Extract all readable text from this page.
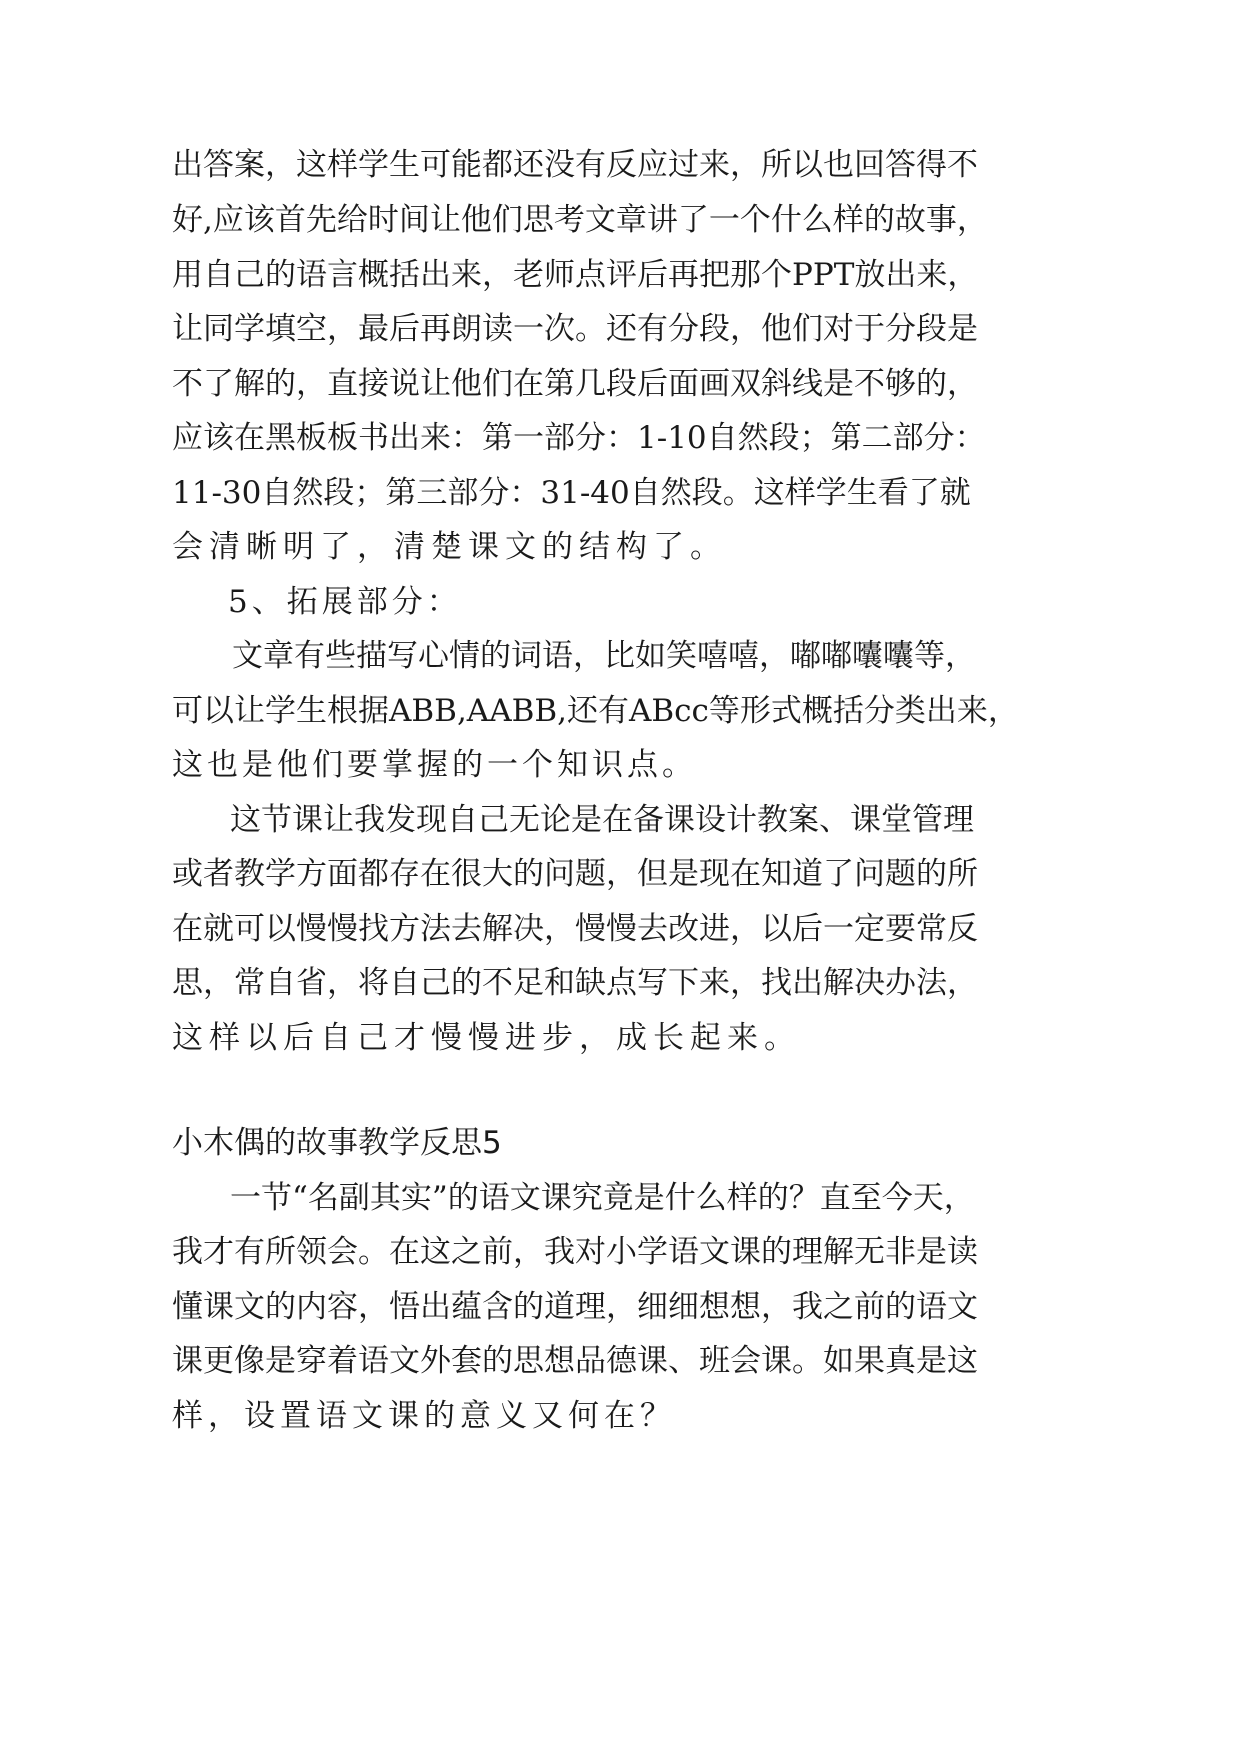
出 答 案 ， 这 样 学 生 可 能 都 还 没 有 反 应 过 来 ， 所 以 也 回 答 得 不
好 , 应 该 首 先 给 时 间 让 他 们 思 考 文 章 讲 了 一 个 什 么 样 的 故 事 ，
用 自 己 的 语 言 概 括 出 来 ， 老 师 点 评 后 再 把 那 个 PPT 放 出 来 ，
让 同 学 填 空 ， 最 后 再 朗 读 一 次 。 还 有 分 段 ， 他 们 对 于 分 段 是
不 了 解 的 ， 直 接 说 让 他 们 在 第 几 段 后 面 画 双 斜 线 是 不 够 的 ，
应 该 在 黑 板 板 书 出 来 ： 第 一 部 分 ： 1-10 自 然 段 ； 第 二 部 分 ：
11-30 自 然 段 ； 第 三 部 分 ： 31-40 自 然 段 。 这 样 学 生 看 了 就
会清晰明了，清楚课文的结构了。
5、拓展部分：
文 章 有 些 描 写 心 情 的 词 语 ， 比 如 笑 嘻 嘻 ， 嘟 嘟 囔 囔 等 ，
可 以 让 学 生 根 据 ABB,AABB, 还 有 ABcc 等 形 式 概 括 分 类 出 来 ，
这也是他们要掌握的一个知识点。
这 节 课 让 我 发 现 自 己 无 论 是 在 备 课 设 计 教 案 、 课 堂 管 理
或 者 教 学 方 面 都 存 在 很 大 的 问 题 ， 但 是 现 在 知 道 了 问 题 的 所
在 就 可 以 慢 慢 找 方 法 去 解 决 ， 慢 慢 去 改 进 ， 以 后 一 定 要 常 反
思 ， 常 自 省 ， 将 自 己 的 不 足 和 缺 点 写 下 来 ， 找 出 解 决 办 法 ，
这样以后自己才慢慢进步，成长起来。
小木偶的故事教学反思5
一 节 “ 名 副 其 实 ” 的 语 文 课 究 竟 是 什 么 样 的 ？ 直 至 今 天 ，
我 才 有 所 领 会 。 在 这 之 前 ， 我 对 小 学 语 文 课 的 理 解 无 非 是 读
懂 课 文 的 内 容 ， 悟 出 蕴 含 的 道 理 ， 细 细 想 想 ， 我 之 前 的 语 文
课 更 像 是 穿 着 语 文 外 套 的 思 想 品 德 课 、 班 会 课 。 如 果 真 是 这
样，设置语文课的意义又何在？
